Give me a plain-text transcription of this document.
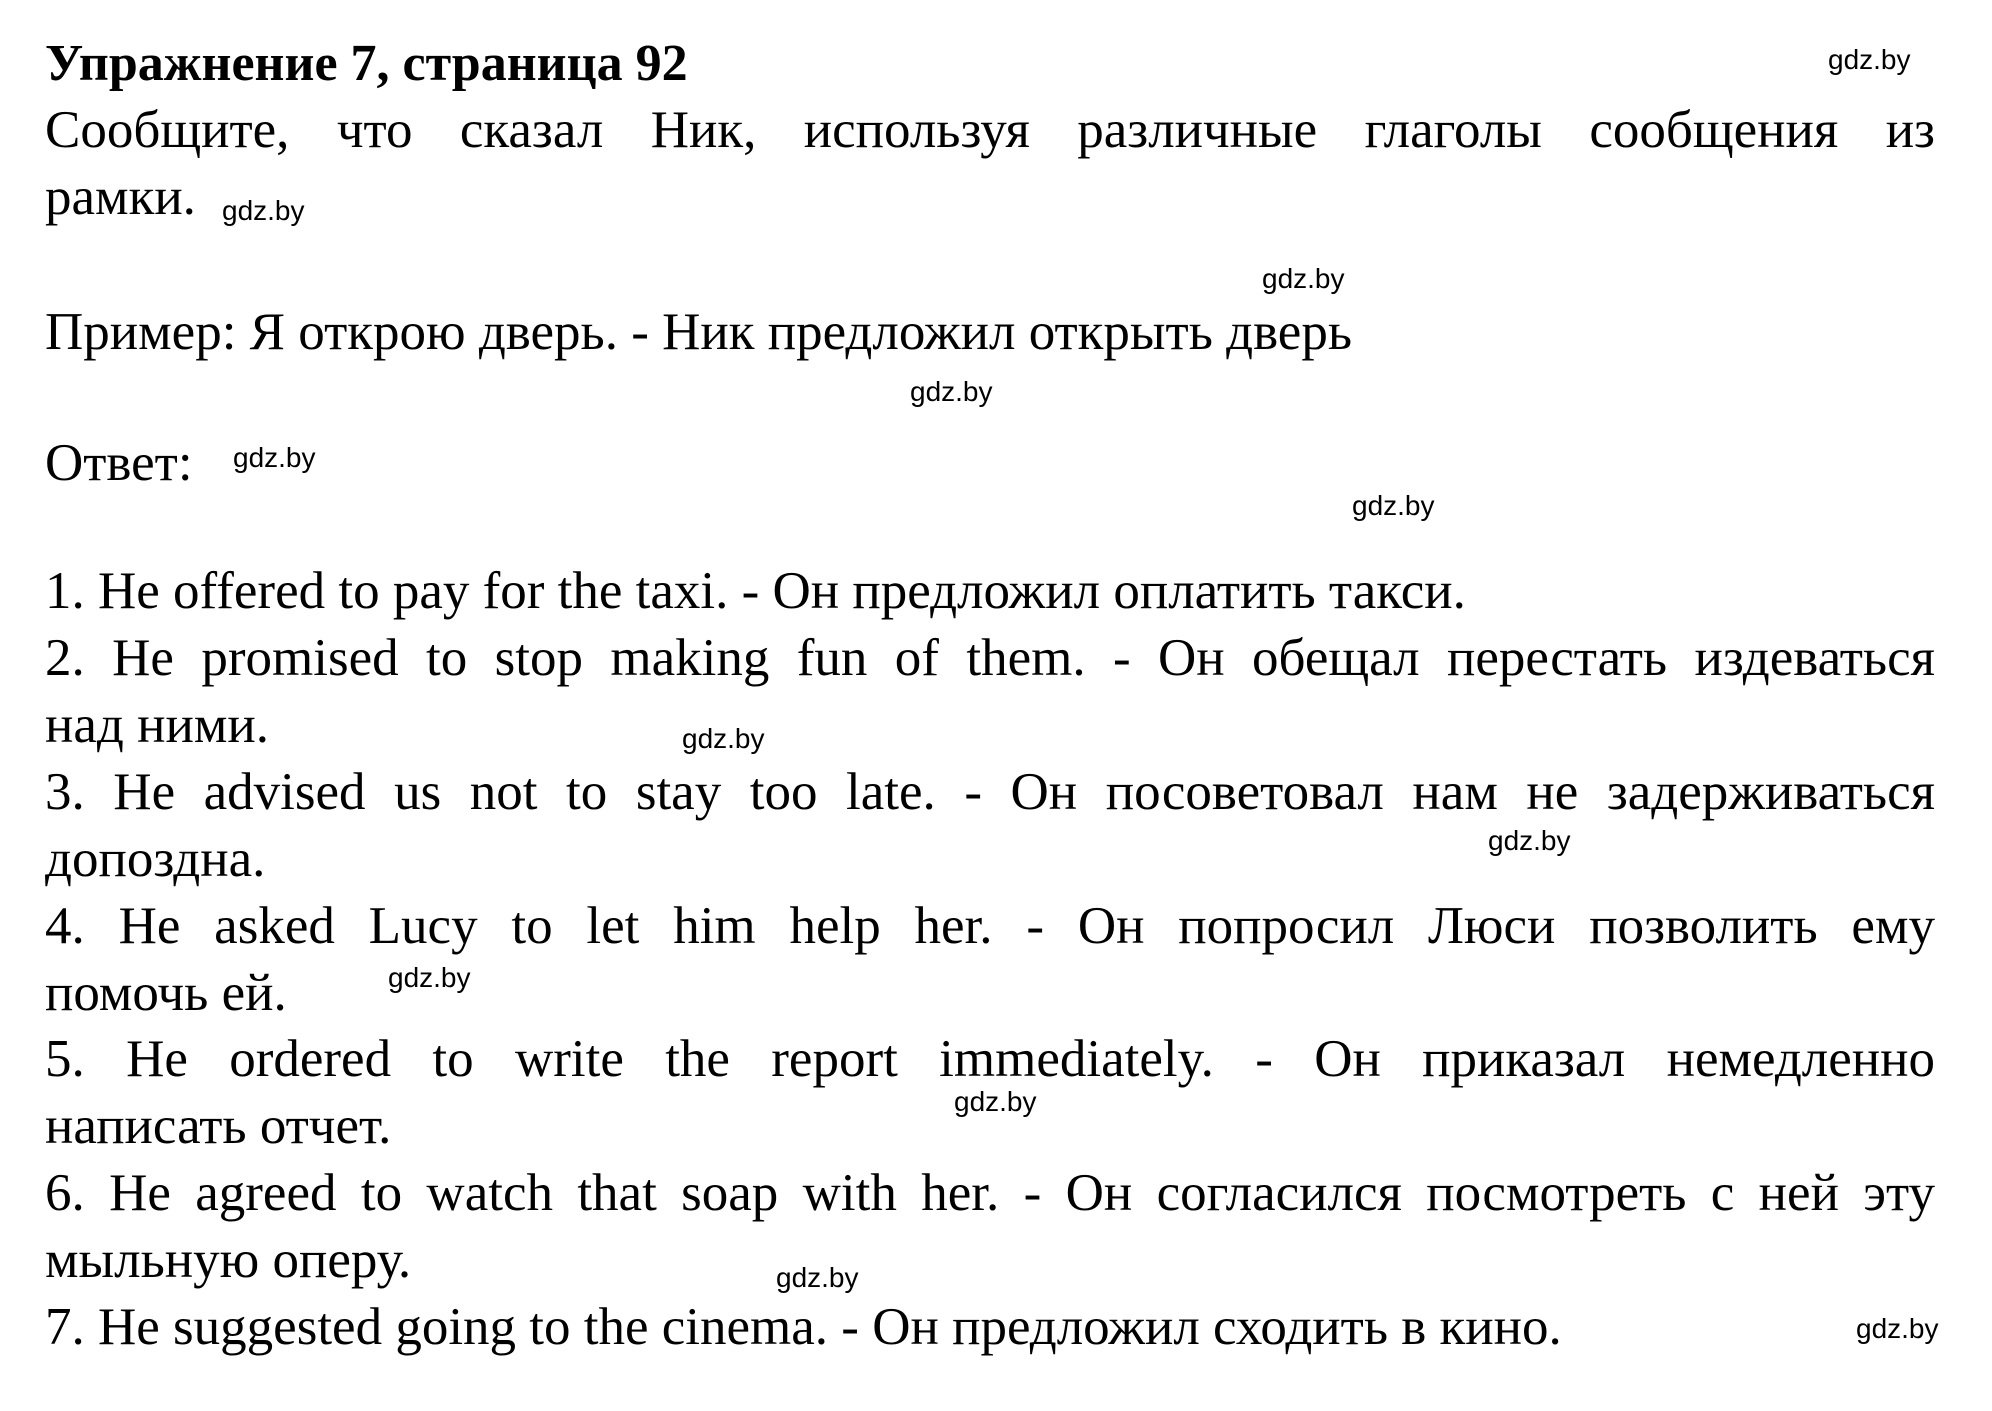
Упражнение 7, страница 92	gdz.by
Сообщите, что сказал Ник, используя различные глаголы сообщения из
рамки. gdz.by
gdz.by
Пример: Я открою дверь. - Ник предложил открыть дверь
gdz.by
Ответ: gdz.by
gdz.by
1. He offered to pay for the taxi. - Он предложил оплатить такси.
2. He promised to stop making fun of them. - Он обещал перестать издеваться
над ними.	gdz.by
3. He advised us not to stay too late. - Он посоветовал нам не задерживаться
допоздна.	gdz.by
4. He asked Lucy to let him help her. - Он попросил Люси позволить ему
помочь ей.	gdz.by
5. He ordered to write the report immediately. - Он приказал немедленно
написать отчет.	gdz.by
6. He agreed to watch that soap with her. - Он согласился посмотреть с ней эту
мыльную оперу.	gdz.by
7. He suggested going to the cinema. - Он предложил сходить в кино.	gdz.by
